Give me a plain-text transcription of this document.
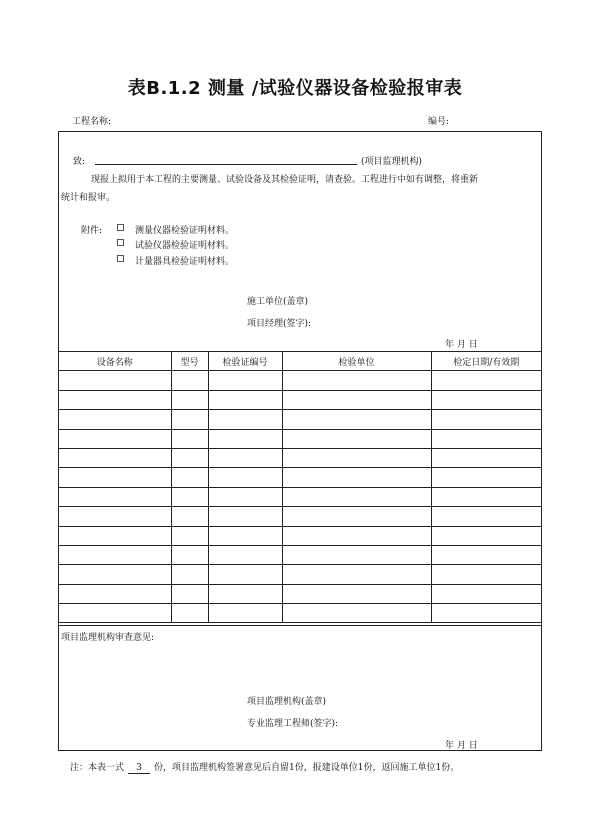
表B.1.2 测量 /试验仪器设备检验报审表
工程名称:	编号:
致:	(项目监理机构)
现报上拟用于本工程的主要测量、试验设备及其检验证明，请查验。工程进行中如有调整，将重新
统计和报审。
附件:	测量仪器检验证明材料。
试验仪器检验证明材料。
计量器具检验证明材料。
施工单位(盖章)
项目经理(签字):
年 月 日
设备名称	型号	检验证编号	检验单位	检定日期/有效期

项目监理机构审查意见:
项目监理机构(盖章)
专业监理工程师(签字):
年 月 日
注：本表一式 3 份，项目监理机构签署意见后自留1份，报建设单位1份，返回施工单位1份。
